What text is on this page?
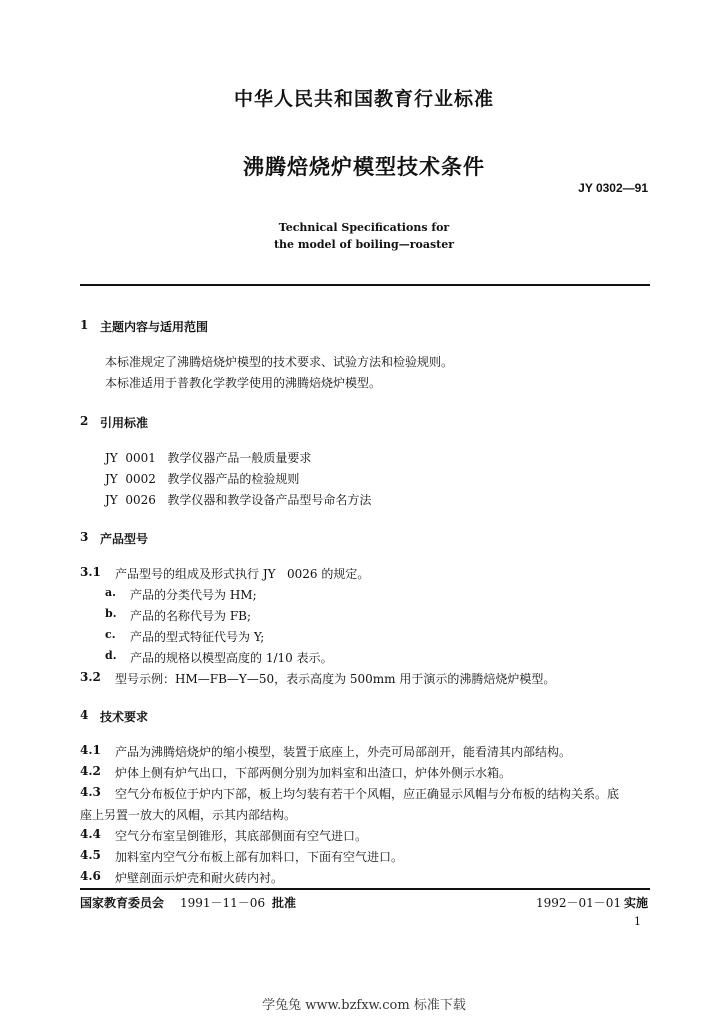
中华人民共和国教育行业标准
沸腾焙烧炉模型技术条件
JY 0302—91
Technical Specifications for
the model of boiling—roaster
1 主题内容与适用范围
本标准规定了沸腾焙烧炉模型的技术要求、试验方法和检验规则。
本标准适用于普教化学教学使用的沸腾焙烧炉模型。
2 引用标准
JY  0001   教学仪器产品一般质量要求
JY  0002   教学仪器产品的检验规则
JY  0026   教学仪器和教学设备产品型号命名方法
3 产品型号
3.1 产品型号的组成及形式执行 JY   0026 的规定。
a. 产品的分类代号为 HM;
b. 产品的名称代号为 FB;
c. 产品的型式特征代号为 Y;
d. 产品的规格以模型高度的 1/10 表示。
3.2 型号示例：HM—FB—Y—50，表示高度为 500mm 用于演示的沸腾焙烧炉模型。
4 技术要求
4.1 产品为沸腾焙烧炉的缩小模型，装置于底座上，外壳可局部剖开，能看清其内部结构。
4.2 炉体上侧有炉气出口，下部两侧分别为加料室和出渣口，炉体外侧示水箱。
4.3 空气分布板位于炉内下部，板上均匀装有若干个风帽，应正确显示风帽与分布板的结构关系。底
座上另置一放大的风帽，示其内部结构。
4.4 空气分布室呈倒锥形，其底部侧面有空气进口。
4.5 加料室内空气分布板上部有加料口，下面有空气进口。
4.6 炉壁剖面示炉壳和耐火砖内衬。
国家教育委员会 1991－11－06 批准	1992－01－01 实施
1
学兔兔 www.bzfxw.com 标准下载
